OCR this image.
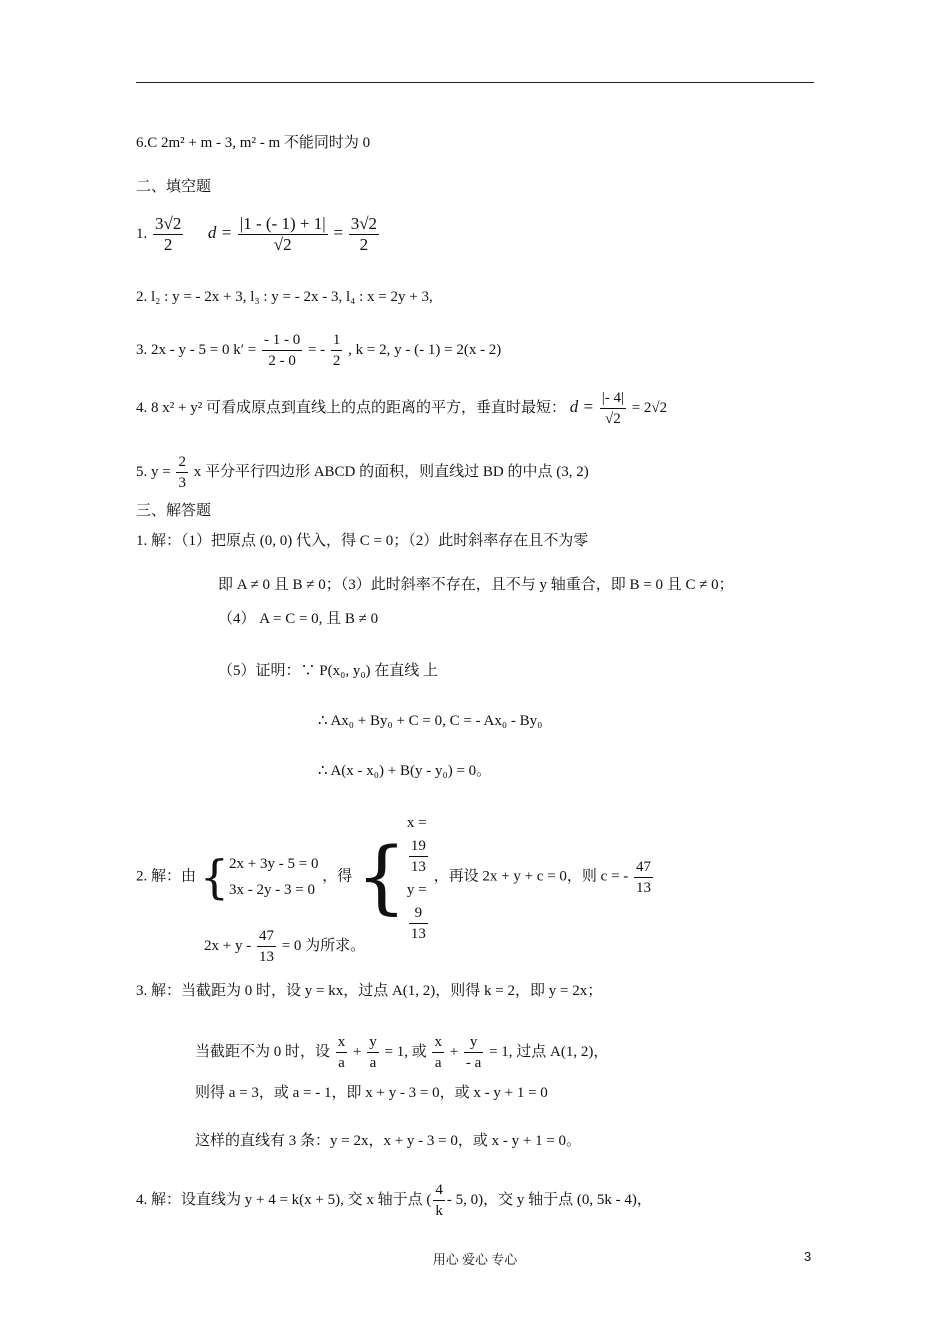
6.C 2m² + m - 3, m² - m 不能同时为 0
二、填空题
1. $\frac{3√2}{2}$ $d = \frac{|1 - (- 1) + 1|}{√2} = \frac{3√2}{2}$
2. l₂ : y = - 2x + 3, l₃ : y = - 2x - 3, l₄ : x = 2y + 3,
3. 2x - y - 5 = 0 $k' = \frac{- 1 - 0}{2 - 0}$ = - $\frac{1}{2}$ , k = 2, y - (- 1) = 2(x - 2)
4. 8 x² + y² 可看成原点到直线上的点的距离的平方，垂直时最短： $d = \frac{|- 4|}{√2} = 2√2$
5. $y = \frac{2}{3}$ x 平分平行四边形 ABCD 的面积，则直线过 BD 的中点 (3, 2)
三、解答题
1. 解：（1）把原点 (0, 0) 代入，得 C = 0；（2）此时斜率存在且不为零
即 A ≠ 0 且 B ≠ 0；（3）此时斜率不存在，且不与 y 轴重合，即 B = 0 且 C ≠ 0；
（4） A = C = 0, 且 B ≠ 0
（5）证明：∵ P(x₀, y₀) 在直线 上
∴ Ax₀ + By₀ + C = 0, C = - Ax₀ - By₀
∴ A(x - x₀) + B(y - y₀) = 0。
2. 解：由 { 2x + 3y - 5 = 0
3x - 2y - 3 = 0
，得 {
x =
19
13
y =
9
13
，再设 2x + y + c = 0，则 c = - $\frac{47}{13}$
$2x + y - \frac{47}{13} = 0$ 为所求。
3. 解：当截距为 0 时，设 y = kx，过点 A(1, 2)，则得 k = 2，即 y = 2x；
当截距不为 0 时，设 $\frac{x}{a} + \frac{y}{a} = 1$, 或 $\frac{x}{a} + \frac{y}{- a} = 1$, 过点 A(1, 2)，
则得 a = 3，或 a = - 1，即 x + y - 3 = 0，或 x - y + 1 = 0
这样的直线有 3 条：y = 2x，x + y - 3 = 0，或 x - y + 1 = 0。
4. 解：设直线为 y + 4 = k(x + 5), 交 x 轴于点 ( $\frac{4}{k} - 5$, 0)，交 y 轴于点 (0, 5k - 4)，
用心 爱心 专心	3
